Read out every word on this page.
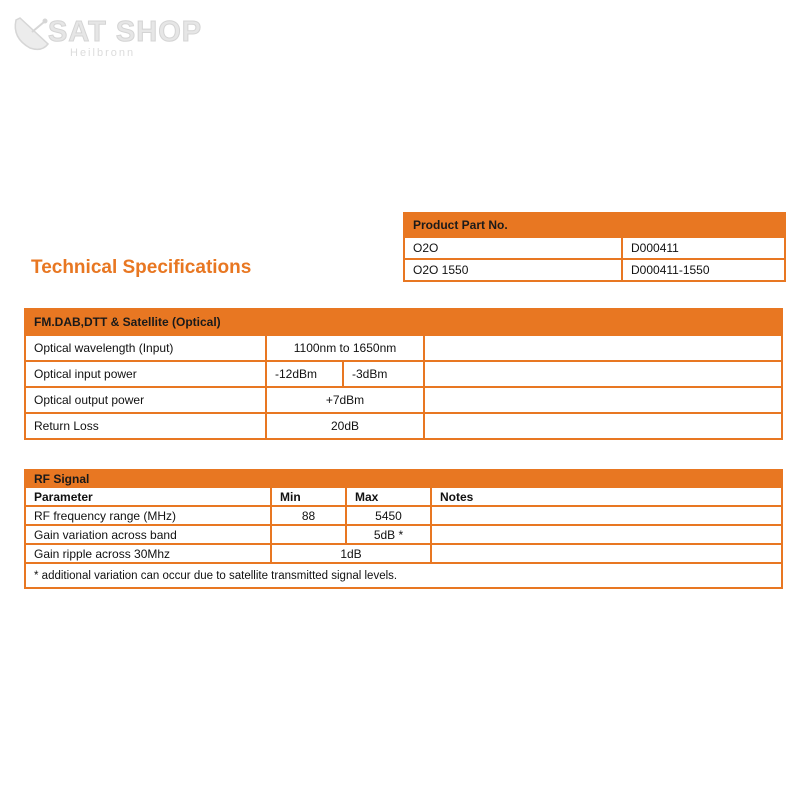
SAT SHOP
Heilbronn
Technical Specifications
Product Part No.	
O2O	D000411
O2O 1550	D000411-1550
FM.DAB,DTT & Satellite (Optical)			
Optical wavelength (Input)	1100nm to 1650nm		
Optical input power	-12dBm	-3dBm	
Optical output power	+7dBm		
Return Loss	20dB		
RF Signal			
Parameter	Min	Max	Notes
RF frequency range (MHz)	88	5450	
Gain variation across band		5dB *	
Gain ripple across 30Mhz	1dB		
* additional variation can occur due to satellite transmitted signal levels.			
